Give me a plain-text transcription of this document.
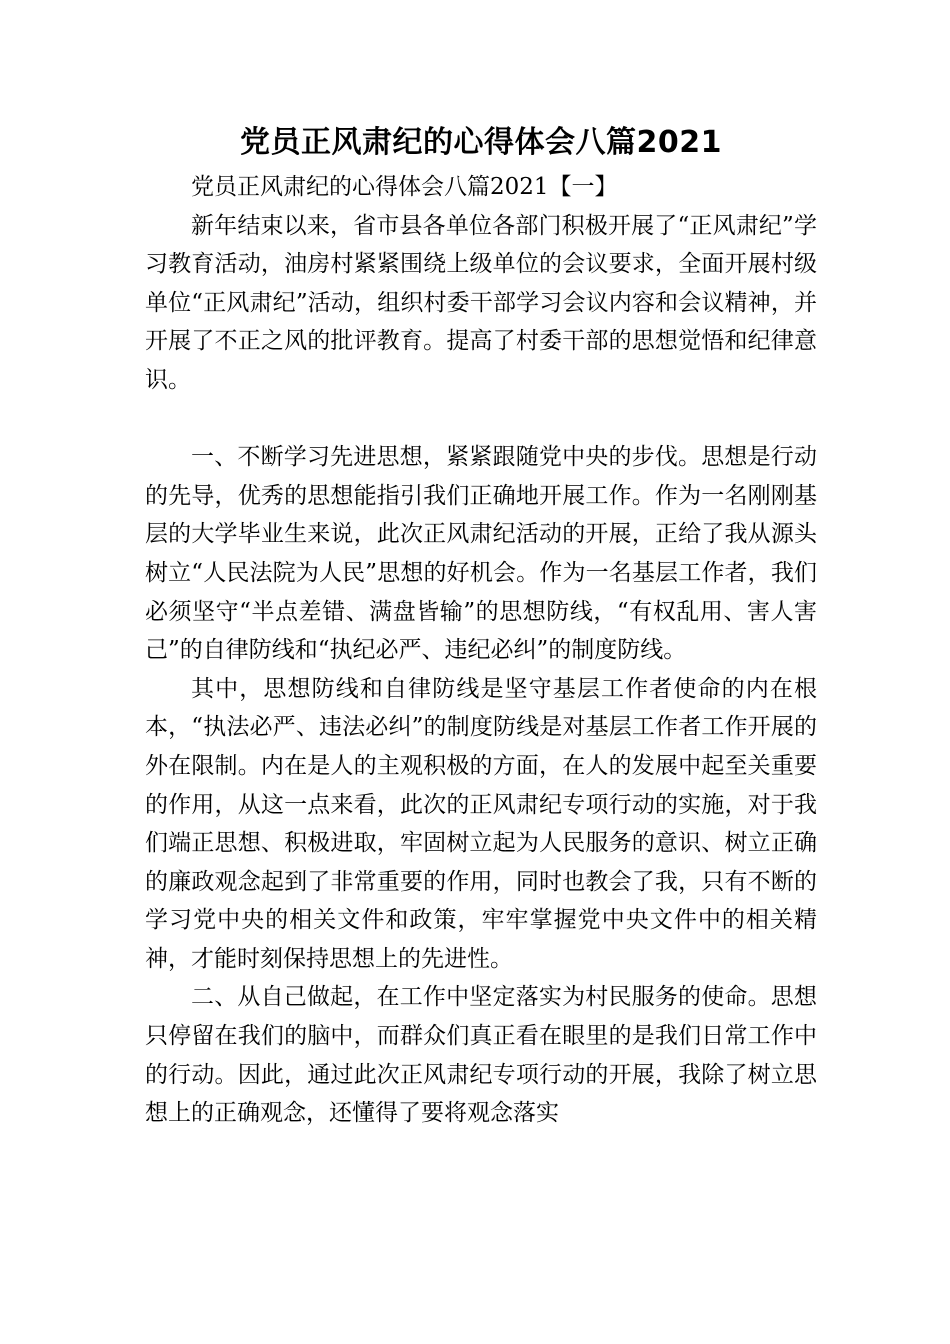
党员正风肃纪的心得体会八篇2021

党员正风肃纪的心得体会八篇2021【一】

新年结束以来，省市县各单位各部门积极开展了“正风肃纪”学习教育活动，油房村紧紧围绕上级单位的会议要求，全面开展村级单位“正风肃纪”活动，组织村委干部学习会议内容和会议精神，并开展了不正之风的批评教育。提高了村委干部的思想觉悟和纪律意识。

一、不断学习先进思想，紧紧跟随党中央的步伐。思想是行动的先导，优秀的思想能指引我们正确地开展工作。作为一名刚刚基层的大学毕业生来说，此次正风肃纪活动的开展，正给了我从源头树立“人民法院为人民”思想的好机会。作为一名基层工作者，我们必须坚守“半点差错、满盘皆输”的思想防线，“有权乱用、害人害己”的自律防线和“执纪必严、违纪必纠”的制度防线。

其中，思想防线和自律防线是坚守基层工作者使命的内在根本，“执法必严、违法必纠”的制度防线是对基层工作者工作开展的外在限制。内在是人的主观积极的方面，在人的发展中起至关重要的作用，从这一点来看，此次的正风肃纪专项行动的实施，对于我们端正思想、积极进取，牢固树立起为人民服务的意识、树立正确的廉政观念起到了非常重要的作用，同时也教会了我，只有不断的学习党中央的相关文件和政策，牢牢掌握党中央文件中的相关精神，才能时刻保持思想上的先进性。

二、从自己做起，在工作中坚定落实为村民服务的使命。思想只停留在我们的脑中，而群众们真正看在眼里的是我们日常工作中的行动。因此，通过此次正风肃纪专项行动的开展，我除了树立思想上的正确观念，还懂得了要将观念落实
